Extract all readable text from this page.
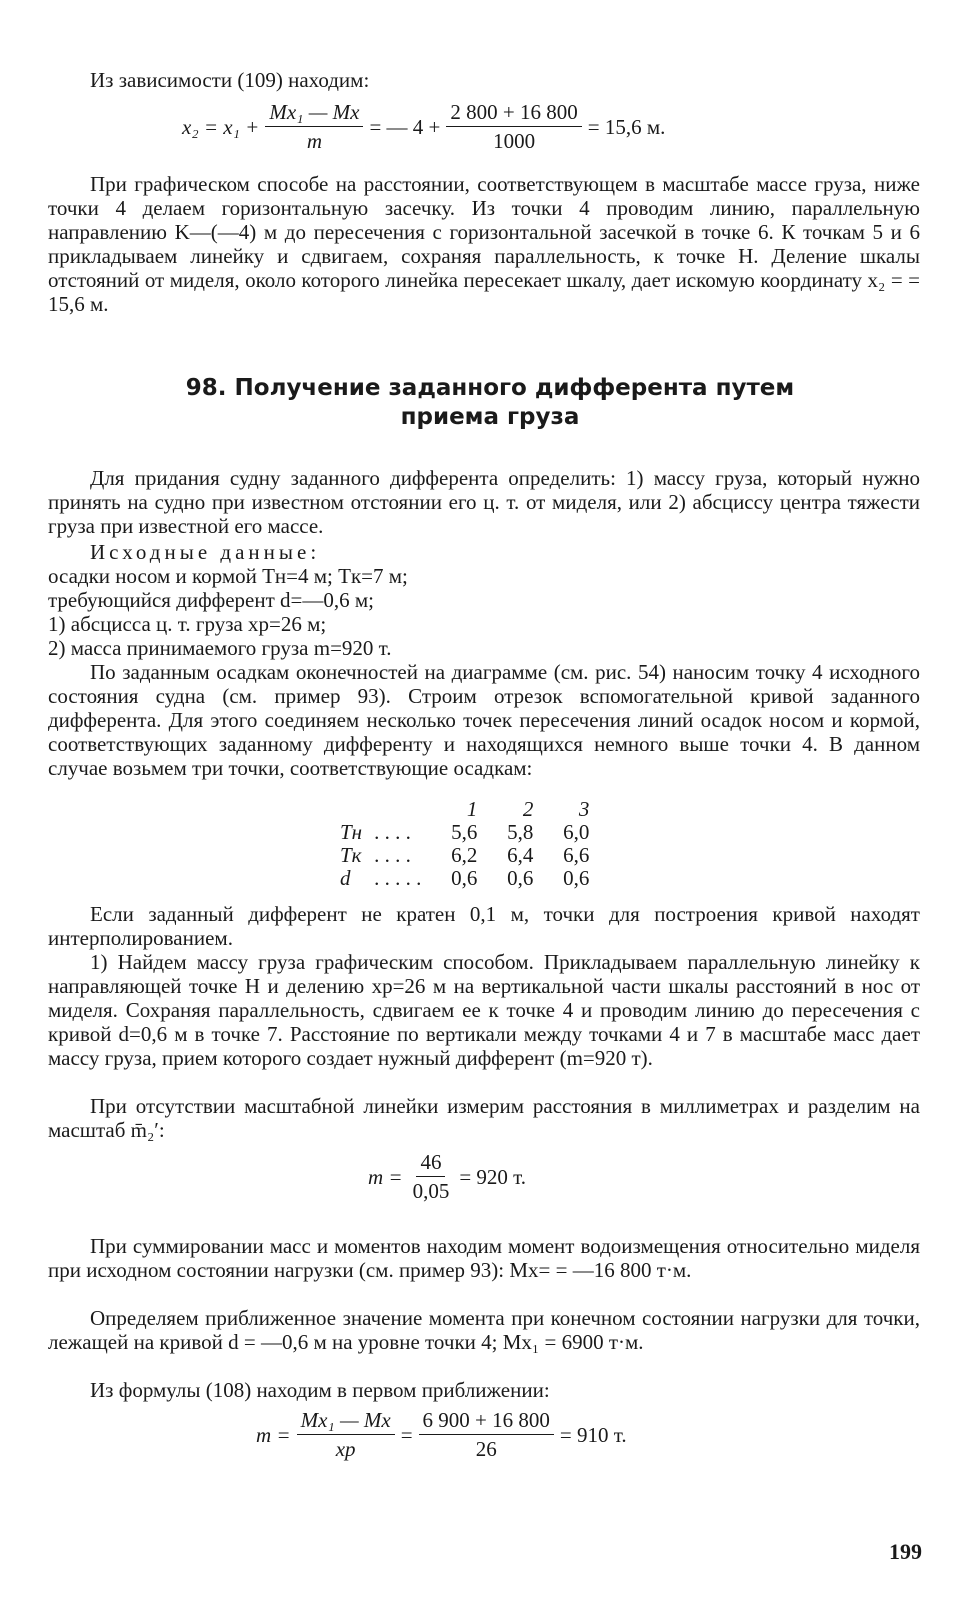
Из зависимости (109) находим:

$x_2 = x_1 + \frac{\text{Mx₁ — Mx}}{m}$ = — $4 + \frac{2 800 + 16 800}{1000} = 15,6$ м.

При графическом способе на расстоянии, соответствующем в масштабе массе груза, ниже точки 4 делаем горизонтальную засечку. Из точки 4 проводим линию, параллельную направлению K—(—4) м до пересечения с горизонтальной засечкой в точке 6. К точкам 5 и 6 прикладываем линейку и сдвигаем, сохраняя параллельность, к точке H. Деление шкалы отстояний от миделя, около которого линейка пересекает шкалу, дает искомую координату x₂ = = 15,6 м.

98. Получение заданного дифферента путем
приема груза

Для придания судну заданного дифферента определить: 1) массу груза, который нужно принять на судно при известном отстоянии его ц. т. от миделя, или 2) абсциссу центра тяжести груза при известной его массе.

Исходные данные:
осадки носом и кормой Tн=4 м; Tк=7 м;
требующийся дифферент d=—0,6 м;
1) абсцисса ц. т. груза xр=26 м;
2) масса принимаемого груза m=920 т.

По заданным осадкам оконечностей на диаграмме (см. рис. 54) наносим точку 4 исходного состояния судна (см. пример 93). Строим отрезок вспомогательной кривой заданного дифферента. Для этого соединяем несколько точек пересечения линий осадок носом и кормой, соответствующих заданному дифференту и находящихся немного выше точки 4. В данном случае возьмем три точки, соответствующие осадкам:

		1	2	3
Tн	. . . .	5,6	5,8	6,0
Tк	. . . .	6,2	6,4	6,6
d	. . . . .	0,6	0,6	0,6

Если заданный дифферент не кратен 0,1 м, точки для построения кривой находят интерполированием.

1) Найдем массу груза графическим способом. Прикладываем параллельную линейку к направляющей точке H и делению xр=26 м на вертикальной части шкалы расстояний в нос от миделя. Сохраняя параллельность, сдвигаем ее к точке 4 и проводим линию до пересечения с кривой d=0,6 м в точке 7. Расстояние по вертикали между точками 4 и 7 в масштабе масс дает массу груза, прием которого создает нужный дифферент (m=920 т).

При отсутствии масштабной линейки измерим расстояния в миллиметрах и разделим на масштаб m̄₂′:

$m = \frac{46}{0,05} = 920$ т.

При суммировании масс и моментов находим момент водоизмещения относительно миделя при исходном состоянии нагрузки (см. пример 93): Mx= = —16 800 т·м.

Определяем приближенное значение момента при конечном состоянии нагрузки для точки, лежащей на кривой d = —0,6 м на уровне точки 4; Mx₁ = 6900 т·м.

Из формулы (108) находим в первом приближении:

$m = \frac{\text{Mx₁ — Mx}}{xp} = \frac{6 900 + 16 800}{26} = 910$ т.
199
